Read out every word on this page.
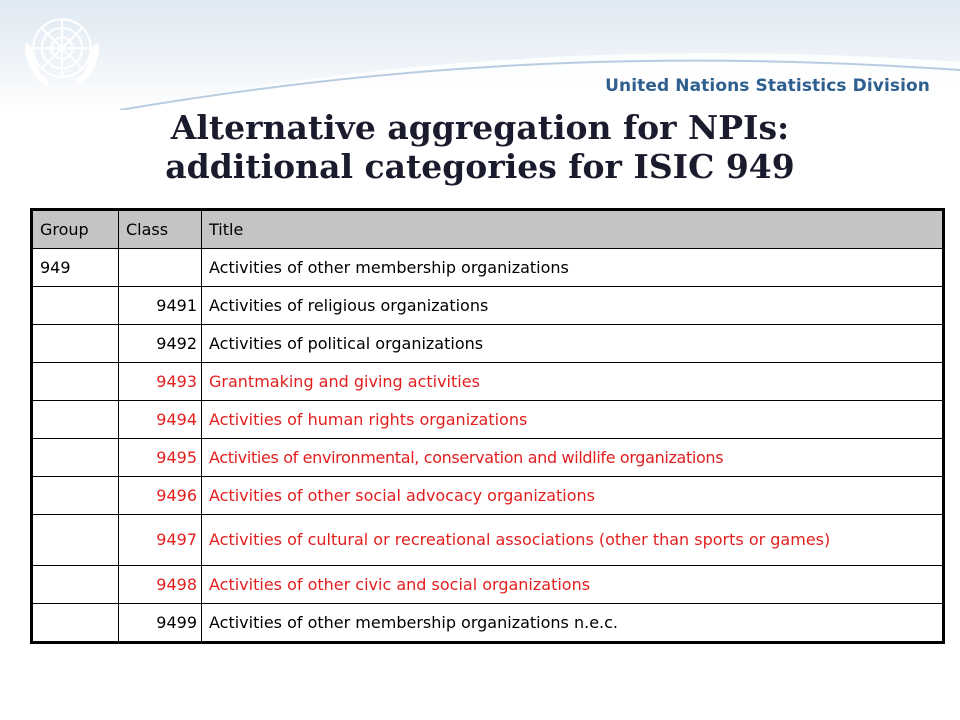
United Nations Statistics Division
Alternative aggregation for NPIs:
additional categories for ISIC 949
Group	Class	Title
949		Activities of other membership organizations
	9491	Activities of religious organizations
	9492	Activities of political organizations
	9493	Grantmaking and giving activities
	9494	Activities of human rights organizations
	9495	Activities of environmental, conservation and wildlife organizations
	9496	Activities of other social advocacy organizations
	9497	Activities of cultural or recreational associations (other than sports or games)
	9498	Activities of other civic and social organizations
	9499	Activities of other membership organizations n.e.c.
